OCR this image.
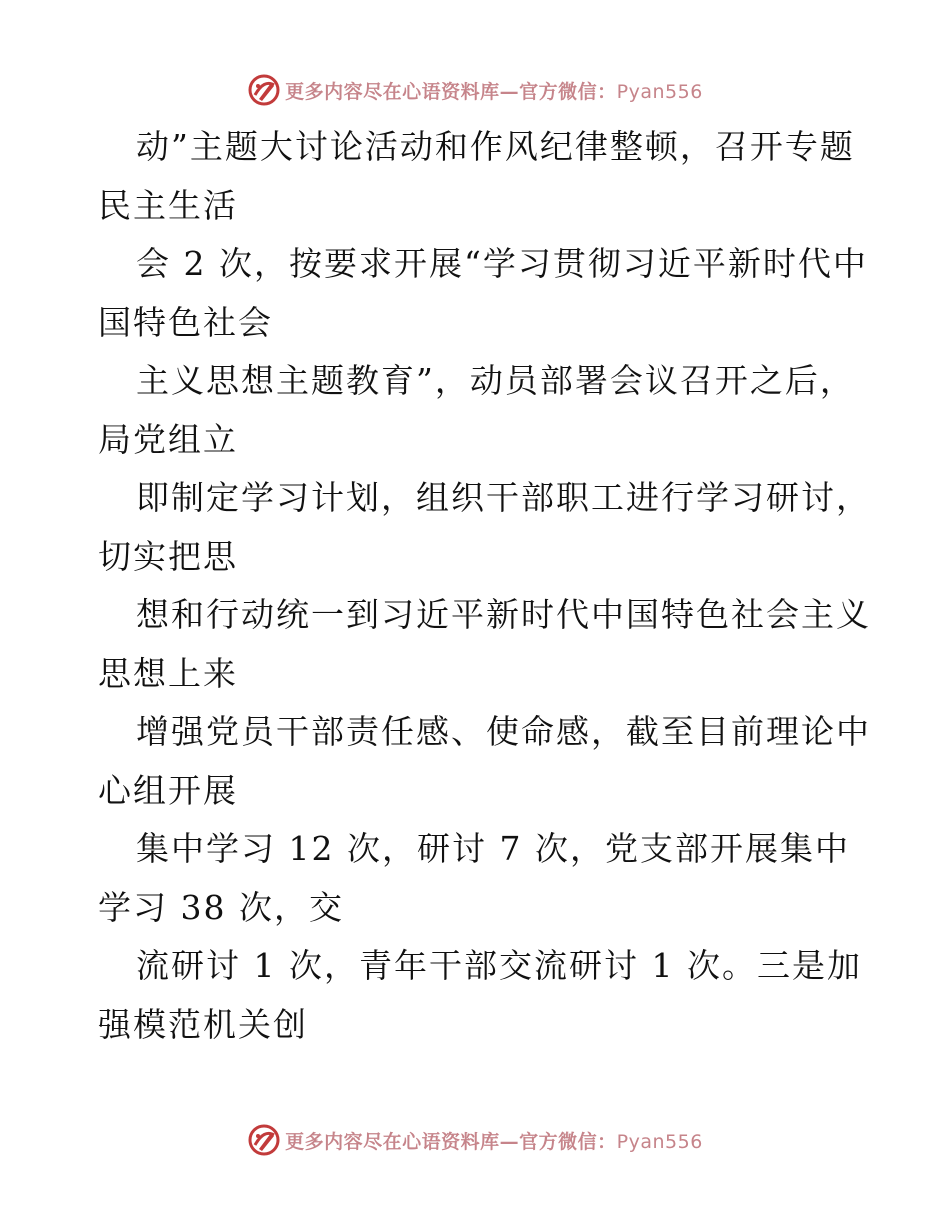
更多内容尽在心语资料库—官方微信：Pyan556
动”主题大讨论活动和作风纪律整顿，召开专题
民主生活
会 2 次，按要求开展“学习贯彻习近平新时代中
国特色社会
主义思想主题教育”，动员部署会议召开之后，
局党组立
即制定学习计划，组织干部职工进行学习研讨，
切实把思
想和行动统一到习近平新时代中国特色社会主义
思想上来
增强党员干部责任感、使命感，截至目前理论中
心组开展
集中学习 12 次，研讨 7 次，党支部开展集中
学习 38 次，交
流研讨 1 次，青年干部交流研讨 1 次。三是加
强模范机关创
更多内容尽在心语资料库—官方微信：Pyan556
